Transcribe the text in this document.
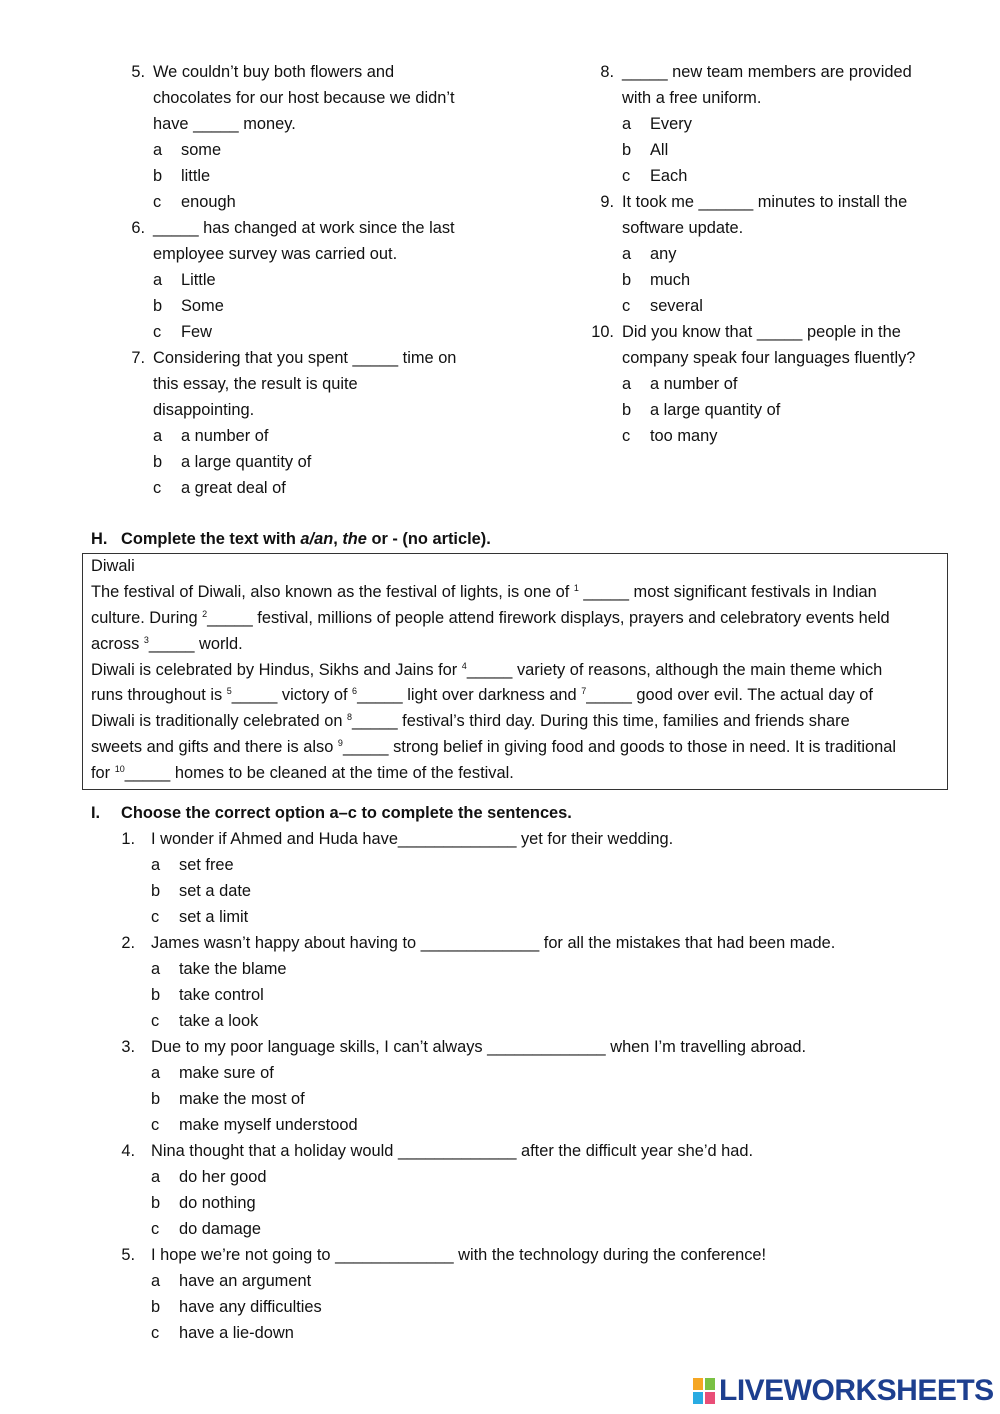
5. We couldn’t buy both flowers and
chocolates for our host because we didn’t
have _____ money.
a some
b little
c enough
6. _____ has changed at work since the last
employee survey was carried out.
a Little
b Some
c Few
7. Considering that you spent _____ time on
this essay, the result is quite
disappointing.
a a number of
b a large quantity of
c a great deal of
8. _____ new team members are provided
with a free uniform.
a Every
b All
c Each
9. It took me ______ minutes to install the
software update.
a any
b much
c several
10. Did you know that _____ people in the
company speak four languages fluently?
a a number of
b a large quantity of
c too many
H. Complete the text with a/an, the or - (no article).
Diwali
The festival of Diwali, also known as the festival of lights, is one of $^1$ _____ most significant festivals in Indian
culture. During $^2$_____ festival, millions of people attend firework displays, prayers and celebratory events held
across $^3$_____ world.
Diwali is celebrated by Hindus, Sikhs and Jains for $^4$_____ variety of reasons, although the main theme which
runs throughout is $^5$_____ victory of $^6$_____ light over darkness and $^7$_____ good over evil. The actual day of
Diwali is traditionally celebrated on $^8$_____ festival’s third day. During this time, families and friends share
sweets and gifts and there is also $^9$_____ strong belief in giving food and goods to those in need. It is traditional
for $^{10}$_____ homes to be cleaned at the time of the festival.
I. Choose the correct option a–c to complete the sentences.
1. I wonder if Ahmed and Huda have_____________ yet for their wedding.
a set free
b set a date
c set a limit
2. James wasn’t happy about having to _____________ for all the mistakes that had been made.
a take the blame
b take control
c take a look
3. Due to my poor language skills, I can’t always _____________ when I’m travelling abroad.
a make sure of
b make the most of
c make myself understood
4. Nina thought that a holiday would _____________ after the difficult year she’d had.
a do her good
b do nothing
c do damage
5. I hope we’re not going to _____________ with the technology during the conference!
a have an argument
b have any difficulties
c have a lie-down
LIVEWORKSHEETS
